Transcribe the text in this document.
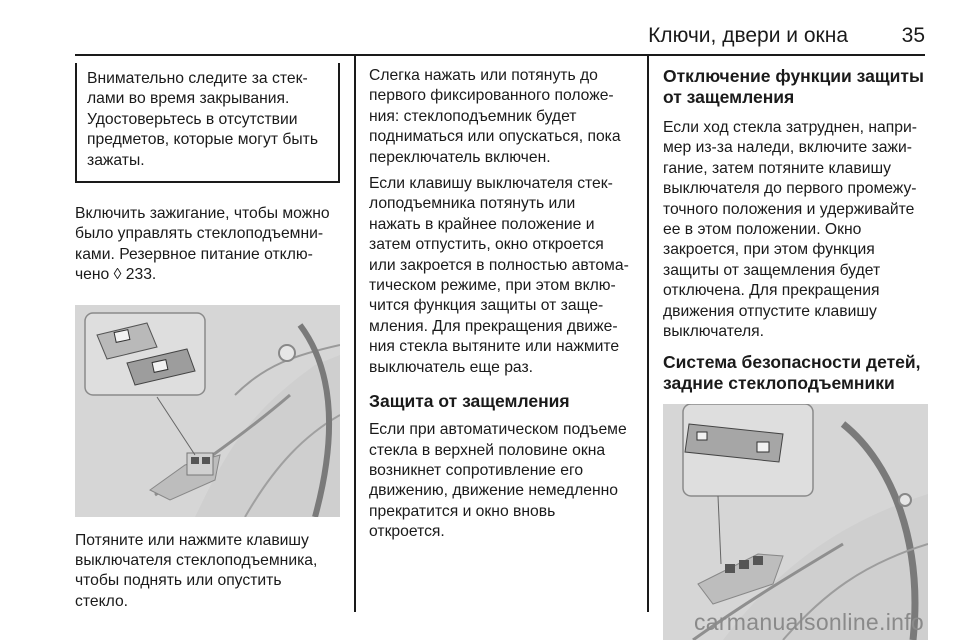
Ключи, двери и окна	35
Внимательно следите за стек-
лами во время закрывания.
Удостоверьтесь в отсутствии
предметов, которые могут быть
зажаты.

Включить зажигание, чтобы можно

было управлять стеклоподъемни-

ками. Резервное питание отклю-

чено ◊ 233.

Потяните или нажмите клавишу

выключателя стеклоподъемника,

чтобы поднять или опустить

стекло.

Слегка нажать или потянуть до

первого фиксированного положе-

ния: стеклоподъемник будет

подниматься или опускаться, пока

переключатель включен.

Если клавишу выключателя стек-

лоподъемника потянуть или

нажать в крайнее положение и

затем отпустить, окно откроется

или закроется в полностью автома-

тическом режиме, при этом вклю-

чится функция защиты от заще-

мления. Для прекращения движе-

ния стекла вытяните или нажмите

выключатель еще раз.

Защита от защемления

Если при автоматическом подъеме

стекла в верхней половине окна

возникнет сопротивление его

движению, движение немедленно

прекратится и окно вновь

откроется.

Отключение функции защиты
от защемления

Если ход стекла затруднен, напри-

мер из-за наледи, включите зажи-

гание, затем потяните клавишу

выключателя до первого промежу-

точного положения и удерживайте

ее в этом положении. Окно

закроется, при этом функция

защиты от защемления будет

отключена. Для прекращения

движения отпустите клавишу

выключателя.

Система безопасности детей,
задние стеклоподъемники
carmanualsonline.info
